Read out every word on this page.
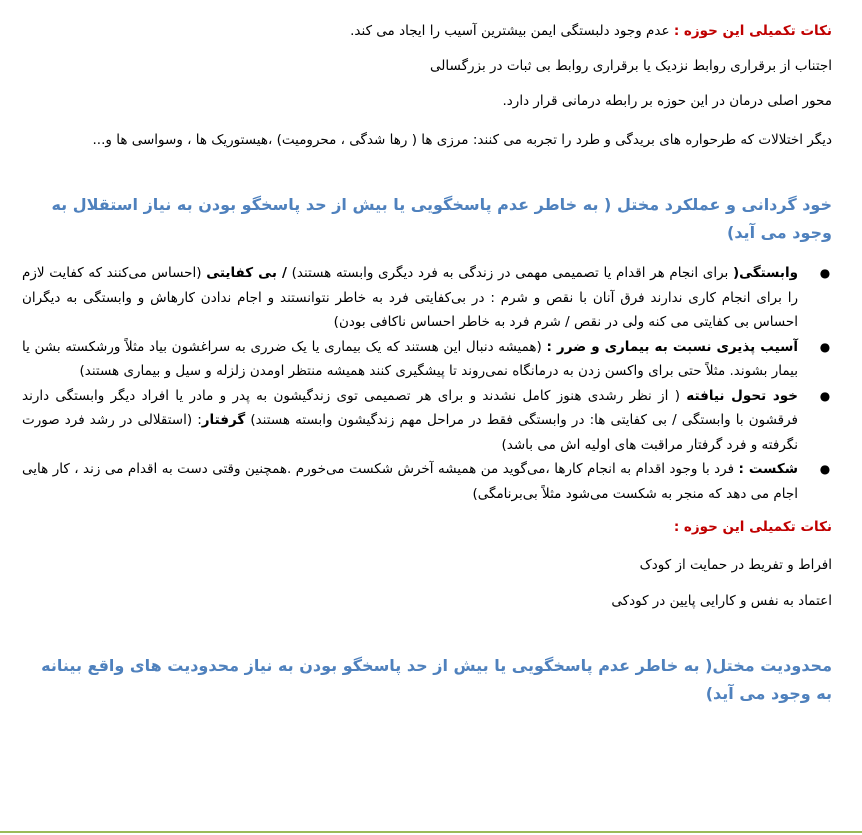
نکات تکمیلی این حوزه : عدم وجود دلبستگی ایمن بیشترین آسیب را ایجاد می کند.

اجتناب از برقراری روابط نزدیک یا برقراری روابط بی ثبات در بزرگسالی

محور اصلی درمان در این حوزه بر رابطه درمانی قرار دارد.

دیگر اختلالات که طرحواره های بریدگی و طرد را تجربه می کنند: مرزی ها ( رها شدگی ، محرومیت) ،هیستوریک ها ، وسواسی ها و...

خود گردانی و عملکرد مختل ( به خاطر عدم پاسخگویی یا بیش از حد پاسخگو بودن به نیاز استقلال به وجود می آید)
●
وابستگی( برای انجام هر اقدام یا تصمیمی مهمی در زندگی به فرد دیگری وابسته هستند) / بی کفایتی (احساس می‌کنند که کفایت لازم را برای انجام کاری ندارند فرق آنان با نقص و شرم : در بی‌کفایتی فرد به خاطر نتوانستند و اجام ندادن کارهاش و وابستگی به دیگران احساس بی کفایتی می کنه ولی در نقص / شرم فرد به خاطر احساس ناکافی بودن)
●
آسیب پذیری نسبت به بیماری و ضرر : (همیشه دنبال این هستند که یک بیماری یا یک ضرری به سراغشون بیاد مثلاً ورشکسته بشن یا بیمار بشوند. مثلاً حتی برای واکسن زدن به درمانگاه نمی‌روند تا پیشگیری کنند همیشه منتظر اومدن زلزله و سیل و بیماری هستند)
●
خود تحول نیافته ( از نظر رشدی هنوز کامل نشدند و برای هر تصمیمی توی زندگیشون به پدر و مادر یا افراد دیگر وابستگی دارند فرقشون با وابستگی / بی کفایتی ها: در وابستگی فقط در مراحل مهم زندگیشون وابسته هستند) گرفتار: (استقلالی در رشد فرد صورت نگرفته و فرد گرفتار مراقبت های اولیه اش می باشد)
●
شکست : فرد با وجود اقدام به انجام کارها ،می‌گوید من همیشه آخرش شکست می‌خورم .همچنین وقتی دست به اقدام می زند ، کار هایی اجام می دهد که منجر به شکست می‌شود مثلاً بی‌برنامگی)

نکات تکمیلی این حوزه :

افراط و تفریط در حمایت از کودک

اعتماد به نفس و کارایی پایین در کودکی

محدودیت مختل( به خاطر عدم پاسخگویی یا بیش از حد پاسخگو بودن به نیاز محدودیت های واقع بینانه به وجود می آید)
